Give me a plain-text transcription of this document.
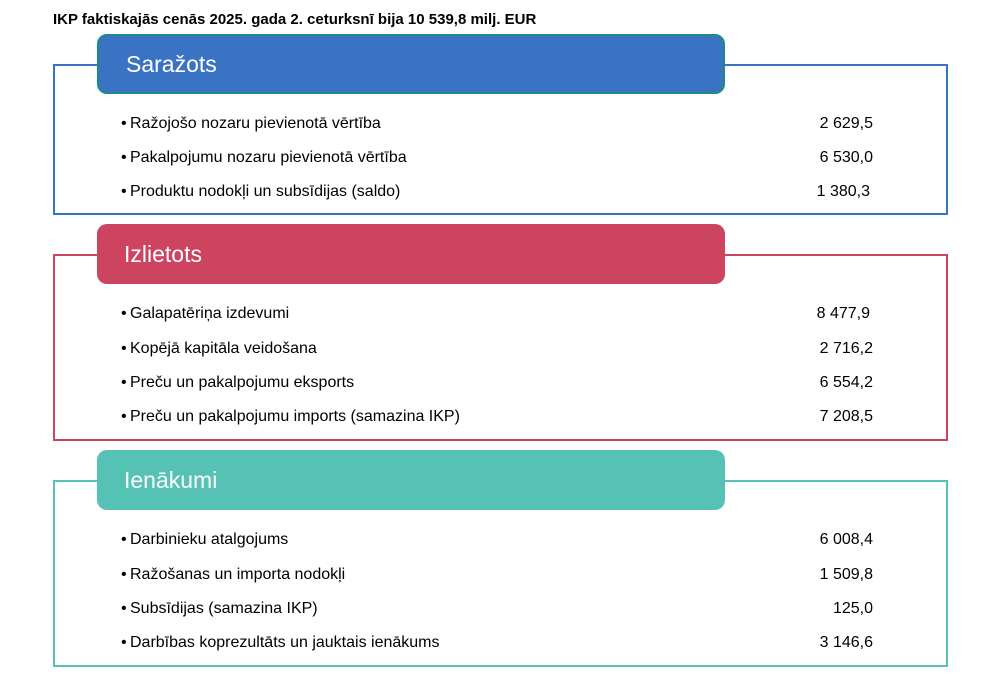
IKP faktiskajās cenās 2025. gada 2. ceturksnī bija 10 539,8 milj. EUR
Saražots
• Ražojošo nozaru pievienotā vērtība	2 629,5
• Pakalpojumu nozaru pievienotā vērtība	6 530,0
• Produktu nodokļi un subsīdijas (saldo)	1 380,3
Izlietots
• Galapatēriņa izdevumi	8 477,9
• Kopējā kapitāla veidošana	2 716,2
• Preču un pakalpojumu eksports	6 554,2
• Preču un pakalpojumu imports (samazina IKP)	7 208,5
Ienākumi
• Darbinieku atalgojums	6 008,4
• Ražošanas un importa nodokļi	1 509,8
• Subsīdijas (samazina IKP)	125,0
• Darbības koprezultāts un jauktais ienākums	3 146,6
